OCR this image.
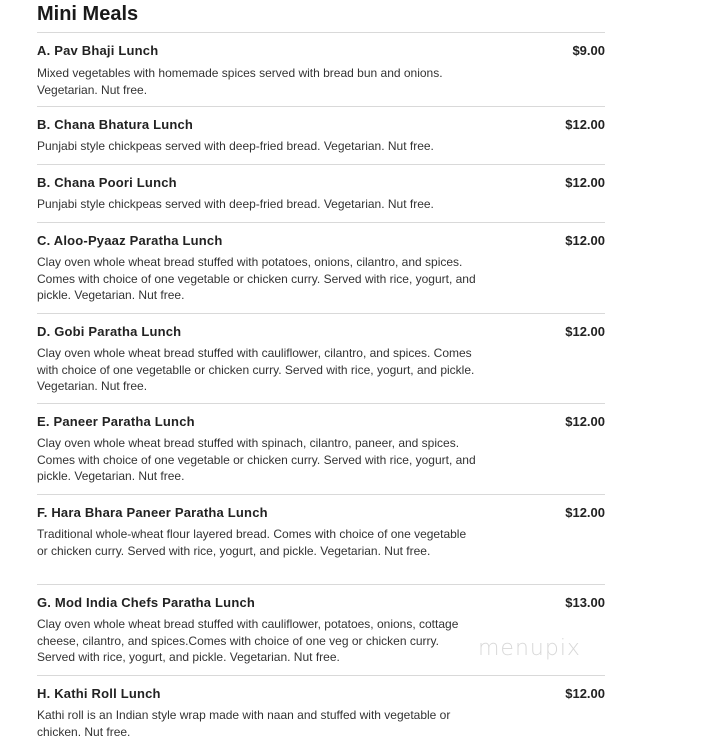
Mini Meals
A. Pav Bhaji Lunch	$9.00
Mixed vegetables with homemade spices served with bread bun and onions. Vegetarian. Nut free.
B. Chana Bhatura Lunch	$12.00
Punjabi style chickpeas served with deep-fried bread. Vegetarian. Nut free.
B. Chana Poori Lunch	$12.00
Punjabi style chickpeas served with deep-fried bread. Vegetarian. Nut free.
C. Aloo-Pyaaz Paratha Lunch	$12.00
Clay oven whole wheat bread stuffed with potatoes, onions, cilantro, and spices. Comes with choice of one vegetable or chicken curry. Served with rice, yogurt, and pickle. Vegetarian. Nut free.
D. Gobi Paratha Lunch	$12.00
Clay oven whole wheat bread stuffed with cauliflower, cilantro, and spices. Comes with choice of one vegetablle or chicken curry. Served with rice, yogurt, and pickle. Vegetarian. Nut free.
E. Paneer Paratha Lunch	$12.00
Clay oven whole wheat bread stuffed with spinach, cilantro, paneer, and spices. Comes with choice of one vegetable or chicken curry. Served with rice, yogurt, and pickle. Vegetarian. Nut free.
F. Hara Bhara Paneer Paratha Lunch	$12.00
Traditional whole-wheat flour layered bread. Comes with choice of one vegetable or chicken curry. Served with rice, yogurt, and pickle. Vegetarian. Nut free.
G. Mod India Chefs Paratha Lunch	$13.00
Clay oven whole wheat bread stuffed with cauliflower, potatoes, onions, cottage cheese, cilantro, and spices.Comes with choice of one veg or chicken curry. Served with rice, yogurt, and pickle. Vegetarian. Nut free.
H. Kathi Roll Lunch	$12.00
Kathi roll is an Indian style wrap made with naan and stuffed with vegetable or chicken. Nut free.
menupix
